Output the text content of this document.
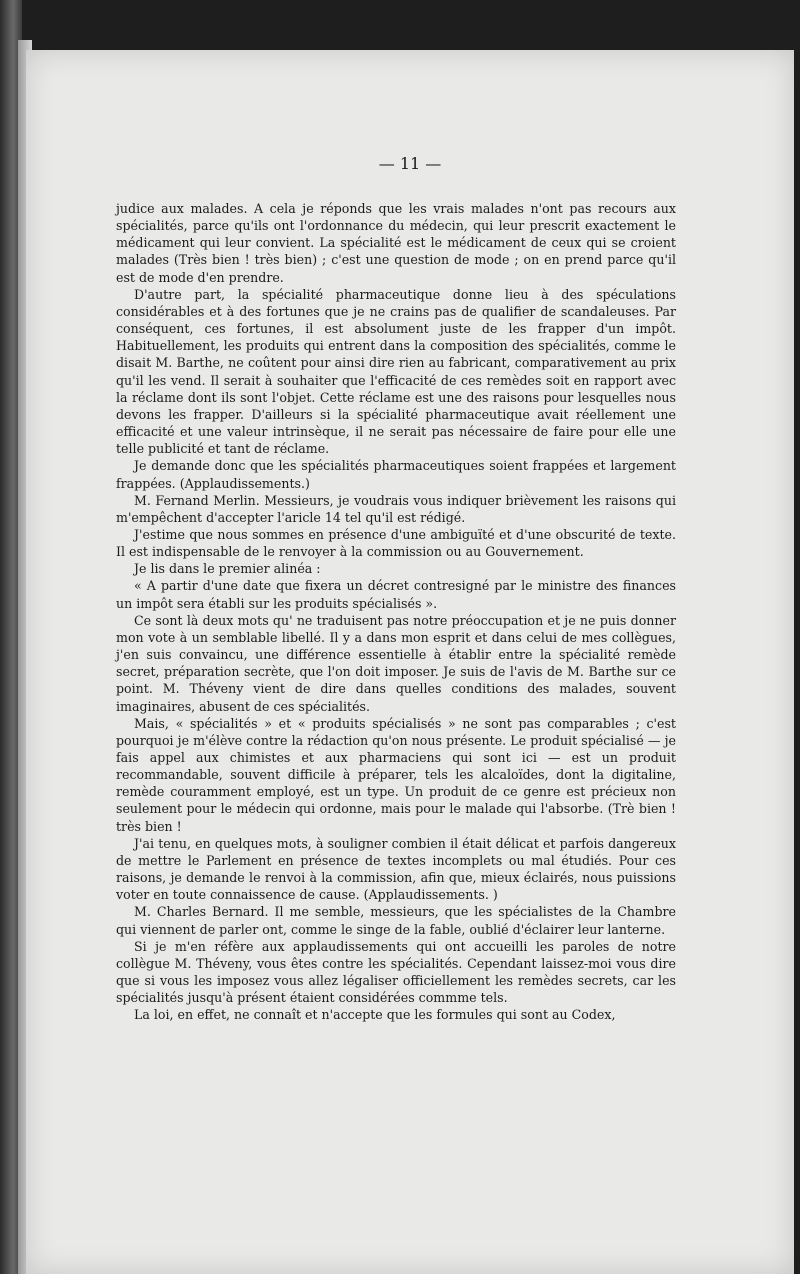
— 11 —

judice aux malades. A cela je réponds que les vrais malades n'ont pas recours aux spécialités, parce qu'ils ont l'ordonnance du médecin, qui leur prescrit exactement le médicament qui leur convient. La spécialité est le médicament de ceux qui se croient malades (Très bien ! très bien) ; c'est une question de mode ; on en prend parce qu'il est de mode d'en prendre.

D'autre part, la spécialité pharmaceutique donne lieu à des spéculations considérables et à des fortunes que je ne crains pas de qualifier de scandaleuses. Par conséquent, ces fortunes, il est absolument juste de les frapper d'un impôt. Habituellement, les produits qui entrent dans la composition des spécialités, comme le disait M. Barthe, ne coûtent pour ainsi dire rien au fabricant, comparativement au prix qu'il les vend. Il serait à souhaiter que l'efficacité de ces remèdes soit en rapport avec la réclame dont ils sont l'objet. Cette réclame est une des raisons pour lesquelles nous devons les frapper. D'ailleurs si la spécialité pharmaceutique avait réellement une efficacité et une valeur intrinsèque, il ne serait pas nécessaire de faire pour elle une telle publicité et tant de réclame.

Je demande donc que les spécialités pharmaceutiques soient frappées et largement frappées. (Applaudissements.)

M. Fernand Merlin. Messieurs, je voudrais vous indiquer brièvement les raisons qui m'empêchent d'accepter l'aricle 14 tel qu'il est rédigé.

J'estime que nous sommes en présence d'une ambiguïté et d'une obscurité de texte. Il est indispensable de le renvoyer à la commission ou au Gouvernement.

Je lis dans le premier alinéa :

« A partir d'une date que fixera un décret contresigné par le ministre des finances un impôt sera établi sur les produits spécialisés ».

Ce sont là deux mots qu' ne traduisent pas notre préoccupation et je ne puis donner mon vote à un semblable libellé. Il y a dans mon esprit et dans celui de mes collègues, j'en suis convaincu, une différence essentielle à établir entre la spécialité remède secret, préparation secrète, que l'on doit imposer. Je suis de l'avis de M. Barthe sur ce point. M. Théveny vient de dire dans quelles conditions des malades, souvent imaginaires, abusent de ces spécialités.

Mais, « spécialités » et « produits spécialisés » ne sont pas comparables ; c'est pourquoi je m'élève contre la rédaction qu'on nous présente. Le produit spécialisé — je fais appel aux chimistes et aux pharmaciens qui sont ici — est un produit recommandable, souvent difficile à préparer, tels les alcaloïdes, dont la digitaline, remède couramment employé, est un type. Un produit de ce genre est précieux non seulement pour le médecin qui ordonne, mais pour le malade qui l'absorbe. (Trè bien ! très bien !

J'ai tenu, en quelques mots, à souligner combien il était délicat et parfois dangereux de mettre le Parlement en présence de textes incomplets ou mal étudiés. Pour ces raisons, je demande le renvoi à la commission, afin que, mieux éclairés, nous puissions voter en toute connaissence de cause. (Applaudissements. )

M. Charles Bernard. Il me semble, messieurs, que les spécialistes de la Chambre qui viennent de parler ont, comme le singe de la fable, oublié d'éclairer leur lanterne.

Si je m'en réfère aux applaudissements qui ont accueilli les paroles de notre collègue M. Théveny, vous êtes contre les spécialités. Cependant laissez-moi vous dire que si vous les imposez vous allez légaliser officiellement les remèdes secrets, car les spécialités jusqu'à présent étaient considérées commme tels.

La loi, en effet, ne connaît et n'accepte que les formules qui sont au Codex,
